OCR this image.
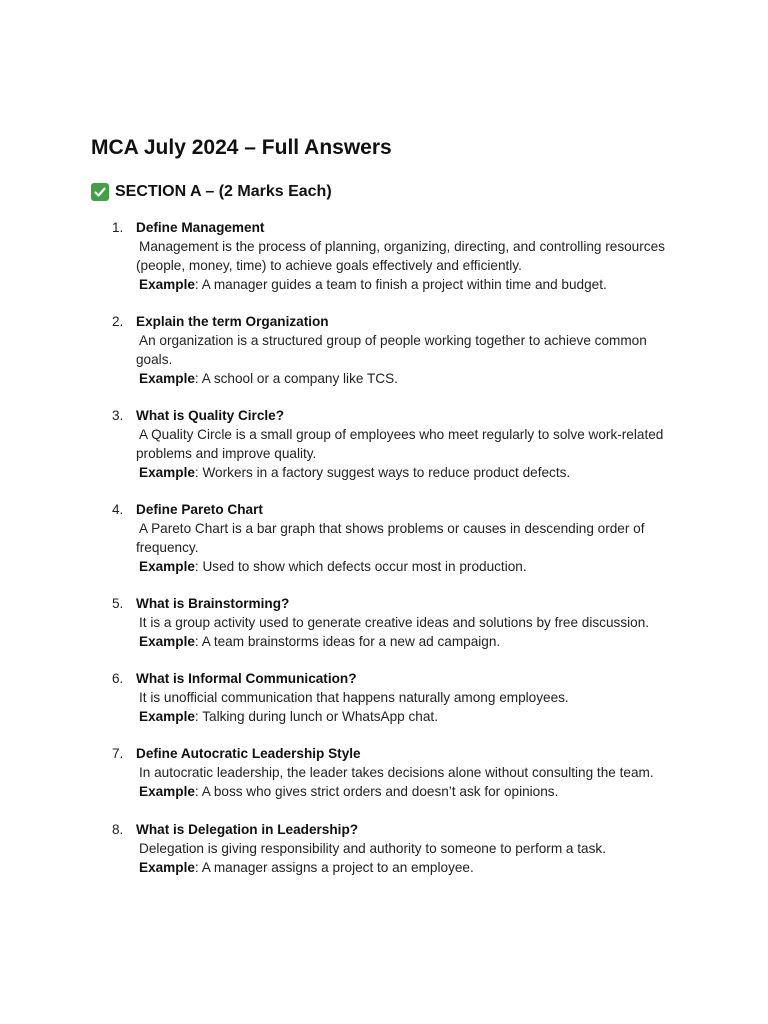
MCA July 2024 – Full Answers
SECTION A – (2 Marks Each)
1. Define Management
Management is the process of planning, organizing, directing, and controlling resources (people, money, time) to achieve goals effectively and efficiently.
Example: A manager guides a team to finish a project within time and budget.
2. Explain the term Organization
An organization is a structured group of people working together to achieve common goals.
Example: A school or a company like TCS.
3. What is Quality Circle?
A Quality Circle is a small group of employees who meet regularly to solve work-related problems and improve quality.
Example: Workers in a factory suggest ways to reduce product defects.
4. Define Pareto Chart
A Pareto Chart is a bar graph that shows problems or causes in descending order of frequency.
Example: Used to show which defects occur most in production.
5. What is Brainstorming?
It is a group activity used to generate creative ideas and solutions by free discussion.
Example: A team brainstorms ideas for a new ad campaign.
6. What is Informal Communication?
It is unofficial communication that happens naturally among employees.
Example: Talking during lunch or WhatsApp chat.
7. Define Autocratic Leadership Style
In autocratic leadership, the leader takes decisions alone without consulting the team.
Example: A boss who gives strict orders and doesn’t ask for opinions.
8. What is Delegation in Leadership?
Delegation is giving responsibility and authority to someone to perform a task.
Example: A manager assigns a project to an employee.
